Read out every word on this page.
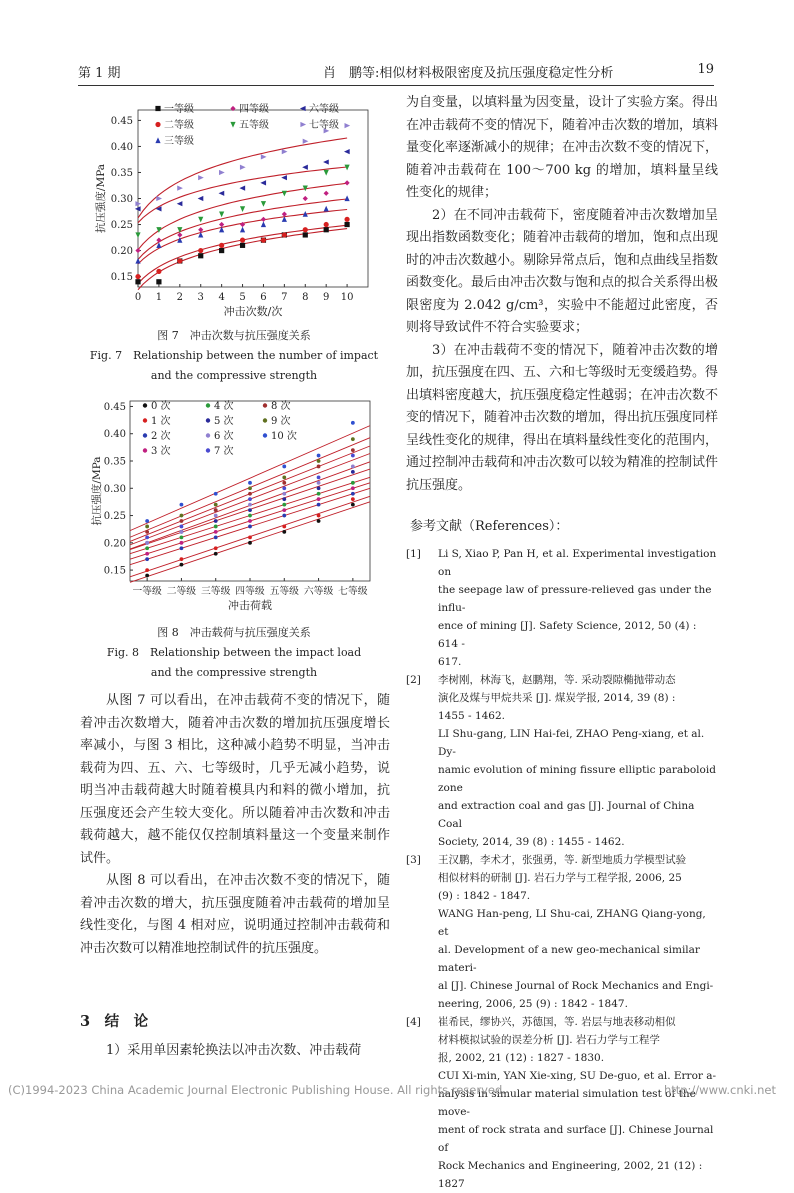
第 1 期	肖　鹏等:相似材料极限密度及抗压强度稳定性分析	19
0 1 2 3 4 5 6 7 8 9 10
0.15
0.20
0.25
0.30
0.35
0.40
0.45
冲击次数/次
抗压强度/MPa
一等级
二等级
三等级
四等级
五等级
六等级
七等级
图 7　冲击次数与抗压强度关系
Fig. 7　Relationship between the number of impact
and the compressive strength
一等级 二等级 三等级 四等级 五等级 六等级 七等级
0.15
0.20
0.25
0.30
0.35
0.40
0.45
冲击荷载
抗压强度/MPa
0 次
1 次
2 次
3 次
4 次
5 次
6 次
7 次
8 次
9 次
10 次
图 8　冲击载荷与抗压强度关系
Fig. 8　Relationship between the impact load
and the compressive strength

从图 7 可以看出，在冲击载荷不变的情况下，随着冲击次数增大，随着冲击次数的增加抗压强度增长率减小，与图 3 相比，这种减小趋势不明显，当冲击载荷为四、五、六、七等级时，几乎无减小趋势，说明当冲击载荷越大时随着模具内和料的微小增加，抗压强度还会产生较大变化。所以随着冲击次数和冲击载荷越大，越不能仅仅控制填料量这一个变量来制作试件。

从图 8 可以看出，在冲击次数不变的情况下，随着冲击次数的增大，抗压强度随着冲击载荷的增加呈线性变化，与图 4 相对应，说明通过控制冲击载荷和冲击次数可以精准地控制试件的抗压强度。

3　结　论

1）采用单因素轮换法以冲击次数、冲击载荷

为自变量，以填料量为因变量，设计了实验方案。得出在冲击载荷不变的情况下，随着冲击次数的增加，填料量变化率逐渐减小的规律；在冲击次数不变的情况下，随着冲击载荷在 100～700 kg 的增加，填料量呈线性变化的规律；

2）在不同冲击载荷下，密度随着冲击次数增加呈现出指数函数变化；随着冲击载荷的增加，饱和点出现时的冲击次数越小。剔除异常点后，饱和点曲线呈指数函数变化。最后由冲击次数与饱和点的拟合关系得出极限密度为 2.042 g/cm³，实验中不能超过此密度，否则将导致试件不符合实验要求；

3）在冲击载荷不变的情况下，随着冲击次数的增加，抗压强度在四、五、六和七等级时无变缓趋势。得出填料密度越大，抗压强度稳定性越弱；在冲击次数不变的情况下，随着冲击次数的增加，得出抗压强度同样呈线性变化的规律，得出在填料量线性变化的范围内，通过控制冲击载荷和冲击次数可以较为精准的控制试件抗压强度。

参考文献（References）：
[1] Li S, Xiao P, Pan H, et al. Experimental investigation on
the seepage law of pressure-relieved gas under the influ-
ence of mining [J]. Safety Science, 2012, 50 (4) : 614 -
617.
[2] 李树刚，林海飞，赵鹏翔，等. 采动裂隙椭抛带动态
演化及煤与甲烷共采 [J]. 煤炭学报, 2014, 39 (8) :
1455 - 1462.
LI Shu-gang, LIN Hai-fei, ZHAO Peng-xiang, et al. Dy-
namic evolution of mining fissure elliptic paraboloid zone
and extraction coal and gas [J]. Journal of China Coal
Society, 2014, 39 (8) : 1455 - 1462.
[3] 王汉鹏，李术才，张强勇，等. 新型地质力学模型试验
相似材料的研制 [J]. 岩石力学与工程学报, 2006, 25
(9) : 1842 - 1847.
WANG Han-peng, LI Shu-cai, ZHANG Qiang-yong, et
al. Development of a new geo-mechanical similar materi-
al [J]. Chinese Journal of Rock Mechanics and Engi-
neering, 2006, 25 (9) : 1842 - 1847.
[4] 崔希民，缪协兴，苏德国，等. 岩层与地表移动相似
材料模拟试验的误差分析 [J]. 岩石力学与工程学
报, 2002, 21 (12) : 1827 - 1830.
CUI Xi-min, YAN Xie-xing, SU De-guo, et al. Error a-
nalysis in simular material simulation test of the move-
ment of rock strata and surface [J]. Chinese Journal of
Rock Mechanics and Engineering, 2002, 21 (12) : 1827
(C)1994-2023 China Academic Journal Electronic Publishing House. All rights reserved.	http://www.cnki.net
